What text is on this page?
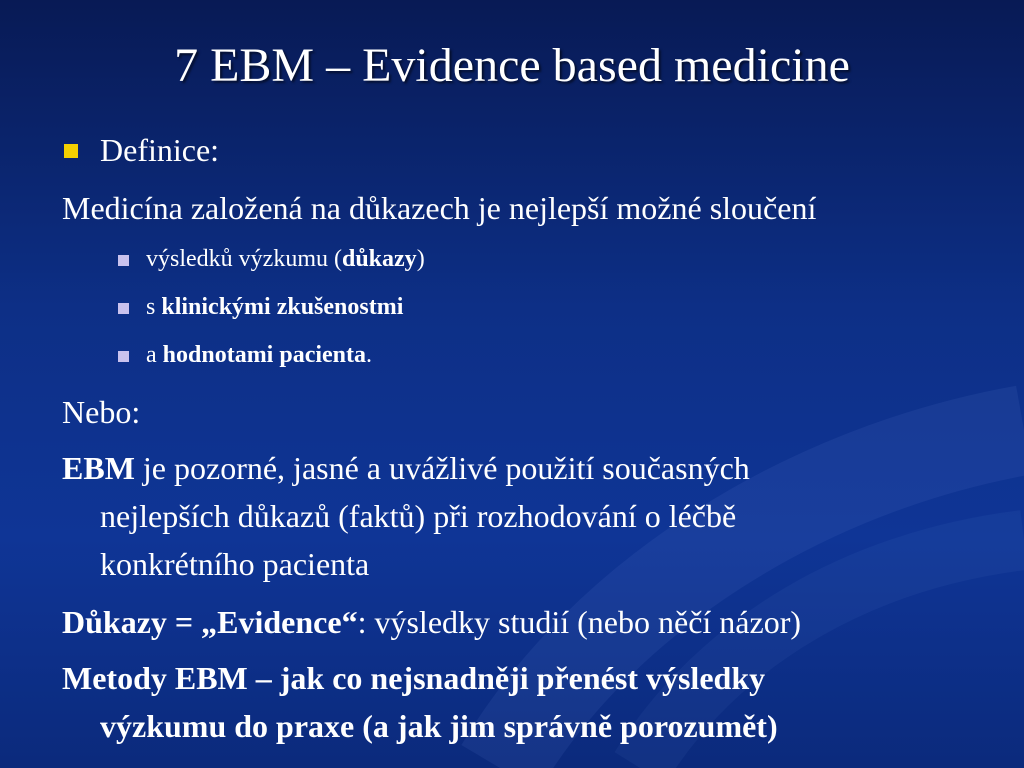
7 EBM – Evidence based medicine
Definice:
Medicína založená na důkazech je nejlepší možné sloučení
výsledků výzkumu (důkazy)
s klinickými zkušenostmi
a hodnotami pacienta.
Nebo:
EBM je pozorné, jasné a uvážlivé použití současných
nejlepších důkazů (faktů) při rozhodování o léčbě
konkrétního pacienta
Důkazy = „Evidence“: výsledky studií (nebo něčí názor)
Metody EBM – jak co nejsnadněji přenést výsledky
výzkumu do praxe (a jak jim správně porozumět)
